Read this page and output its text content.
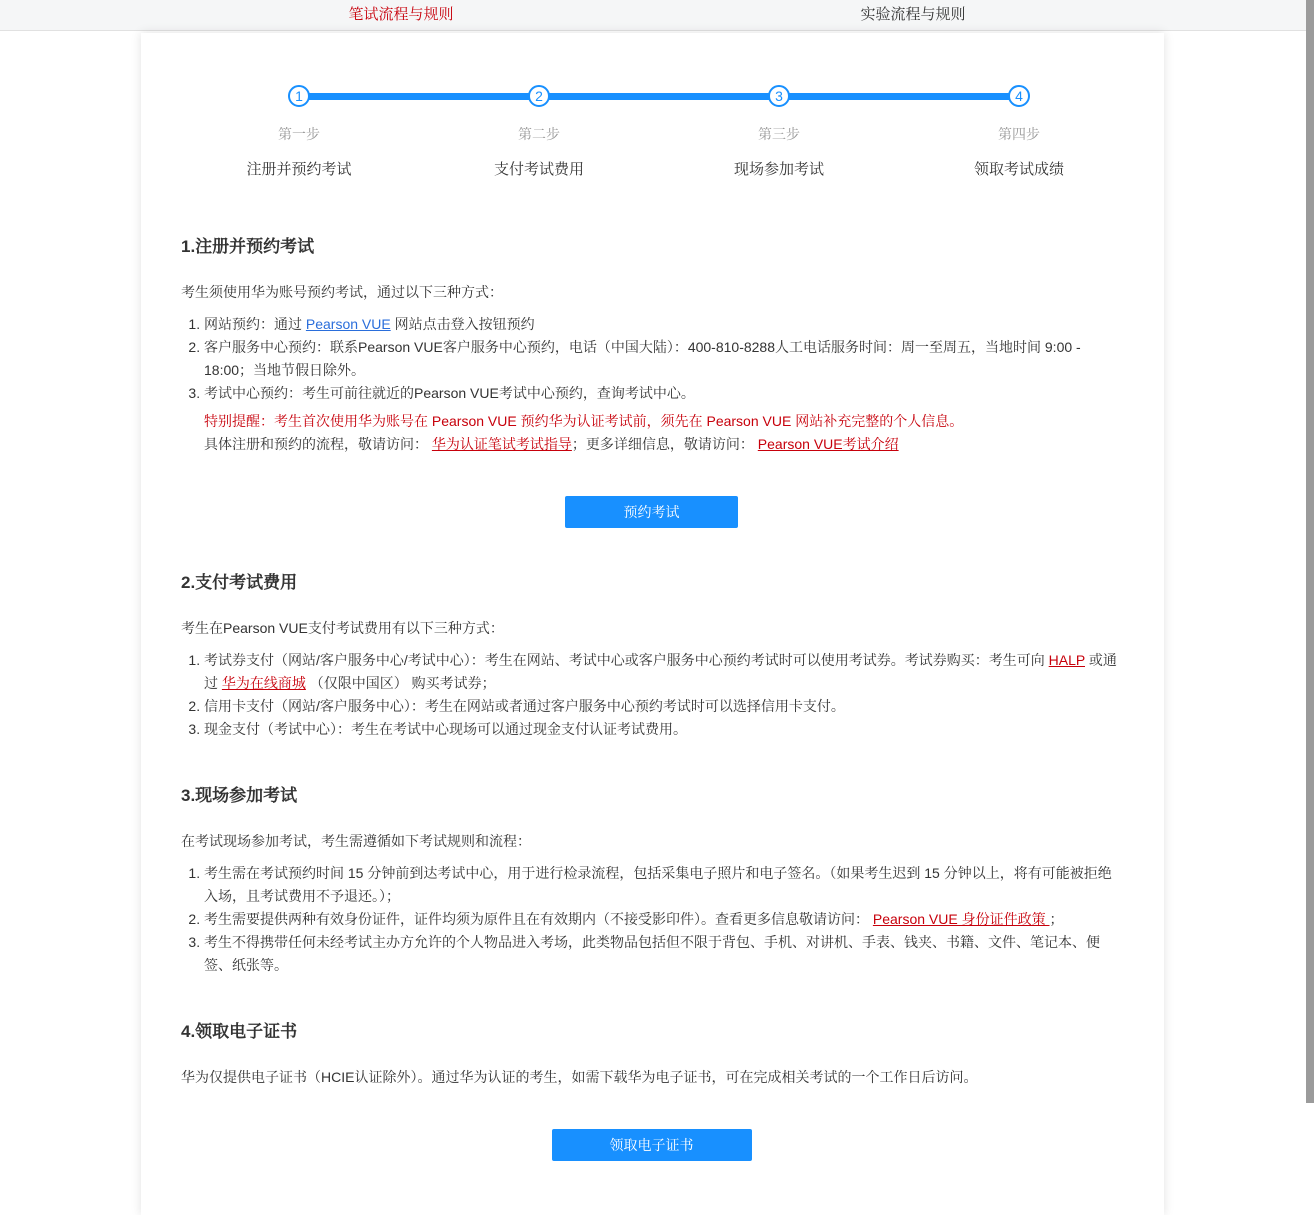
笔试流程与规则	实验流程与规则
1
第一步
注册并预约考试
2
第二步
支付考试费用
3
第三步
现场参加考试
4
第四步
领取考试成绩
1.注册并预约考试
考生须使用华为账号预约考试，通过以下三种方式：
1. 网站预约：通过 Pearson VUE 网站点击登入按钮预约
2. 客户服务中心预约：联系Pearson VUE客户服务中心预约，电话（中国大陆）：400-810-8288人工电话服务时间：周一至周五，当地时间 9:00 - 18:00；当地节假日除外。
3. 考试中心预约：考生可前往就近的Pearson VUE考试中心预约，查询考试中心。
特别提醒：考生首次使用华为账号在 Pearson VUE 预约华为认证考试前，须先在 Pearson VUE 网站补充完整的个人信息。
具体注册和预约的流程，敬请访问： 华为认证笔试考试指导；更多详细信息，敬请访问： Pearson VUE考试介绍
预约考试
2.支付考试费用
考生在Pearson VUE支付考试费用有以下三种方式：
1. 考试券支付（网站/客户服务中心/考试中心）：考生在网站、考试中心或客户服务中心预约考试时可以使用考试券。考试券购买：考生可向 HALP 或通过 华为在线商城 （仅限中国区） 购买考试券；
2. 信用卡支付（网站/客户服务中心）：考生在网站或者通过客户服务中心预约考试时可以选择信用卡支付。
3. 现金支付（考试中心）：考生在考试中心现场可以通过现金支付认证考试费用。
3.现场参加考试
在考试现场参加考试，考生需遵循如下考试规则和流程：
1. 考生需在考试预约时间 15 分钟前到达考试中心，用于进行检录流程，包括采集电子照片和电子签名。（如果考生迟到 15 分钟以上，将有可能被拒绝入场，且考试费用不予退还。）；
2. 考生需要提供两种有效身份证件，证件均须为原件且在有效期内（不接受影印件）。查看更多信息敬请访问： Pearson VUE 身份证件政策 ；
3. 考生不得携带任何未经考试主办方允许的个人物品进入考场，此类物品包括但不限于背包、手机、对讲机、手表、钱夹、书籍、文件、笔记本、便签、纸张等。
4.领取电子证书
华为仅提供电子证书（HCIE认证除外）。通过华为认证的考生，如需下载华为电子证书，可在完成相关考试的一个工作日后访问。
领取电子证书
